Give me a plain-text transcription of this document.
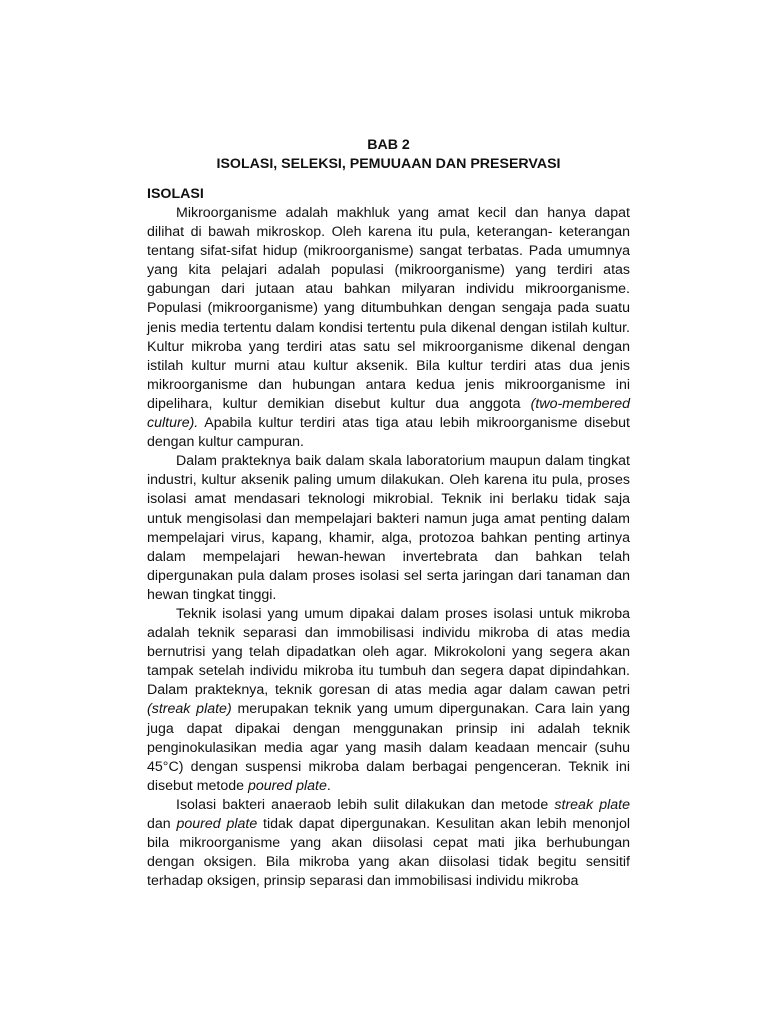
BAB 2

ISOLASI, SELEKSI, PEMUUAAN DAN PRESERVASI

ISOLASI

Mikroorganisme adalah makhluk yang amat kecil dan hanya dapat dilihat di bawah mikroskop. Oleh karena itu pula, keterangan- keterangan tentang sifat-sifat hidup (mikroorganisme) sangat terbatas. Pada umumnya yang kita pelajari adalah populasi (mikroorganisme) yang terdiri atas gabungan dari jutaan atau bahkan milyaran individu mikroorganisme. Populasi (mikroorganisme) yang ditumbuhkan dengan sengaja pada suatu jenis media tertentu dalam kondisi tertentu pula dikenal dengan istilah kultur. Kultur mikroba yang terdiri atas satu sel mikroorganisme dikenal dengan istilah kultur murni atau kultur aksenik. Bila kultur terdiri atas dua jenis mikroorganisme dan hubungan antara kedua jenis mikroorganisme ini dipelihara, kultur demikian disebut kultur dua anggota (two-membered culture). Apabila kultur terdiri atas tiga atau lebih mikroorganisme disebut dengan kultur campuran.

Dalam prakteknya baik dalam skala laboratorium maupun dalam tingkat industri, kultur aksenik paling umum dilakukan. Oleh karena itu pula, proses isolasi amat mendasari teknologi mikrobial. Teknik ini berlaku tidak saja untuk mengisolasi dan mempelajari bakteri namun juga amat penting dalam mempelajari virus, kapang, khamir, alga, protozoa bahkan penting artinya dalam mempelajari hewan-hewan invertebrata dan bahkan telah dipergunakan pula dalam proses isolasi sel serta jaringan dari tanaman dan hewan tingkat tinggi.

Teknik isolasi yang umum dipakai dalam proses isolasi untuk mikroba adalah teknik separasi dan immobilisasi individu mikroba di atas media bernutrisi yang telah dipadatkan oleh agar. Mikrokoloni yang segera akan tampak setelah individu mikroba itu tumbuh dan segera dapat dipindahkan. Dalam prakteknya, teknik goresan di atas media agar dalam cawan petri (streak plate) merupakan teknik yang umum dipergunakan. Cara lain yang juga dapat dipakai dengan menggunakan prinsip ini adalah teknik penginokulasikan media agar yang masih dalam keadaan mencair (suhu 45°C) dengan suspensi mikroba dalam berbagai pengenceran. Teknik ini disebut metode poured plate.

Isolasi bakteri anaeraob lebih sulit dilakukan dan metode streak plate dan poured plate tidak dapat dipergunakan. Kesulitan akan lebih menonjol bila mikroorganisme yang akan diisolasi cepat mati jika berhubungan dengan oksigen. Bila mikroba yang akan diisolasi tidak begitu sensitif terhadap oksigen, prinsip separasi dan immobilisasi individu mikroba
